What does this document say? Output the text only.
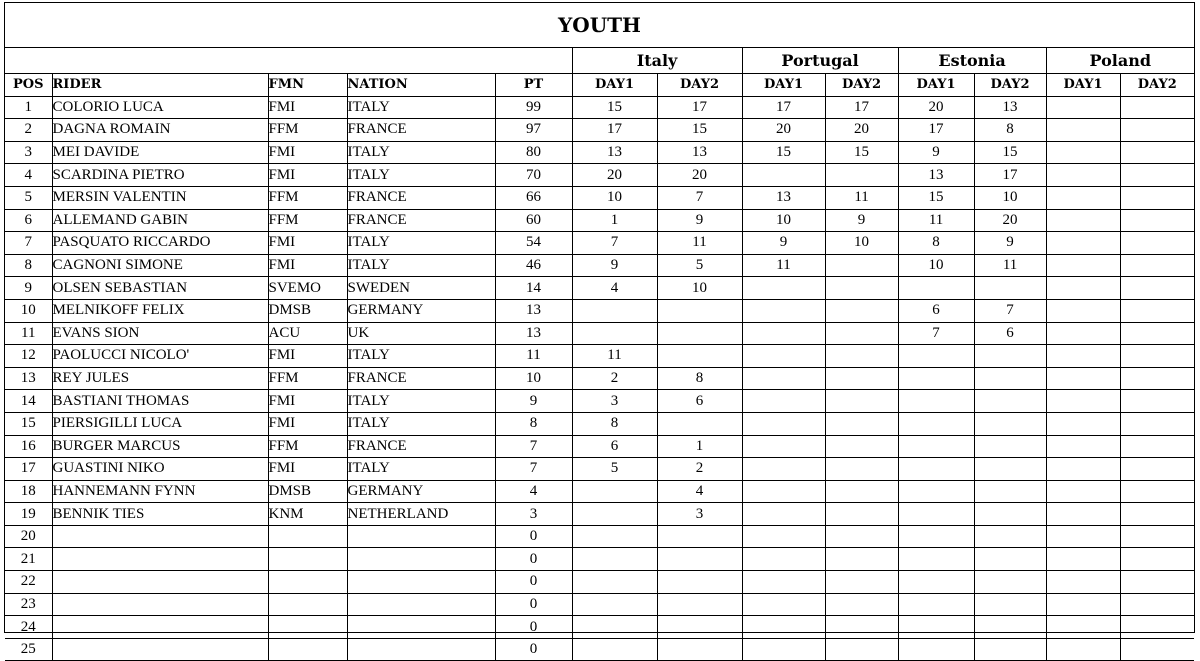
YOUTH
					Italy		Portugal		Estonia		Poland	
POS	RIDER	FMN	NATION	PT	DAY1	DAY2	DAY1	DAY2	DAY1	DAY2	DAY1	DAY2
1	COLORIO LUCA	FMI	ITALY	99	15	17	17	17	20	13		
2	DAGNA ROMAIN	FFM	FRANCE	97	17	15	20	20	17	8		
3	MEI DAVIDE	FMI	ITALY	80	13	13	15	15	9	15		
4	SCARDINA PIETRO	FMI	ITALY	70	20	20			13	17		
5	MERSIN VALENTIN	FFM	FRANCE	66	10	7	13	11	15	10		
6	ALLEMAND GABIN	FFM	FRANCE	60	1	9	10	9	11	20		
7	PASQUATO RICCARDO	FMI	ITALY	54	7	11	9	10	8	9		
8	CAGNONI SIMONE	FMI	ITALY	46	9	5	11		10	11		
9	OLSEN SEBASTIAN	SVEMO	SWEDEN	14	4	10						
10	MELNIKOFF FELIX	DMSB	GERMANY	13					6	7		
11	EVANS SION	ACU	UK	13					7	6		
12	PAOLUCCI NICOLO'	FMI	ITALY	11	11							
13	REY JULES	FFM	FRANCE	10	2	8						
14	BASTIANI THOMAS	FMI	ITALY	9	3	6						
15	PIERSIGILLI LUCA	FMI	ITALY	8	8							
16	BURGER MARCUS	FFM	FRANCE	7	6	1						
17	GUASTINI NIKO	FMI	ITALY	7	5	2						
18	HANNEMANN FYNN	DMSB	GERMANY	4		4						
19	BENNIK TIES	KNM	NETHERLAND	3		3						
20				0								
21				0								
22				0								
23				0								
24				0								
25				0								
